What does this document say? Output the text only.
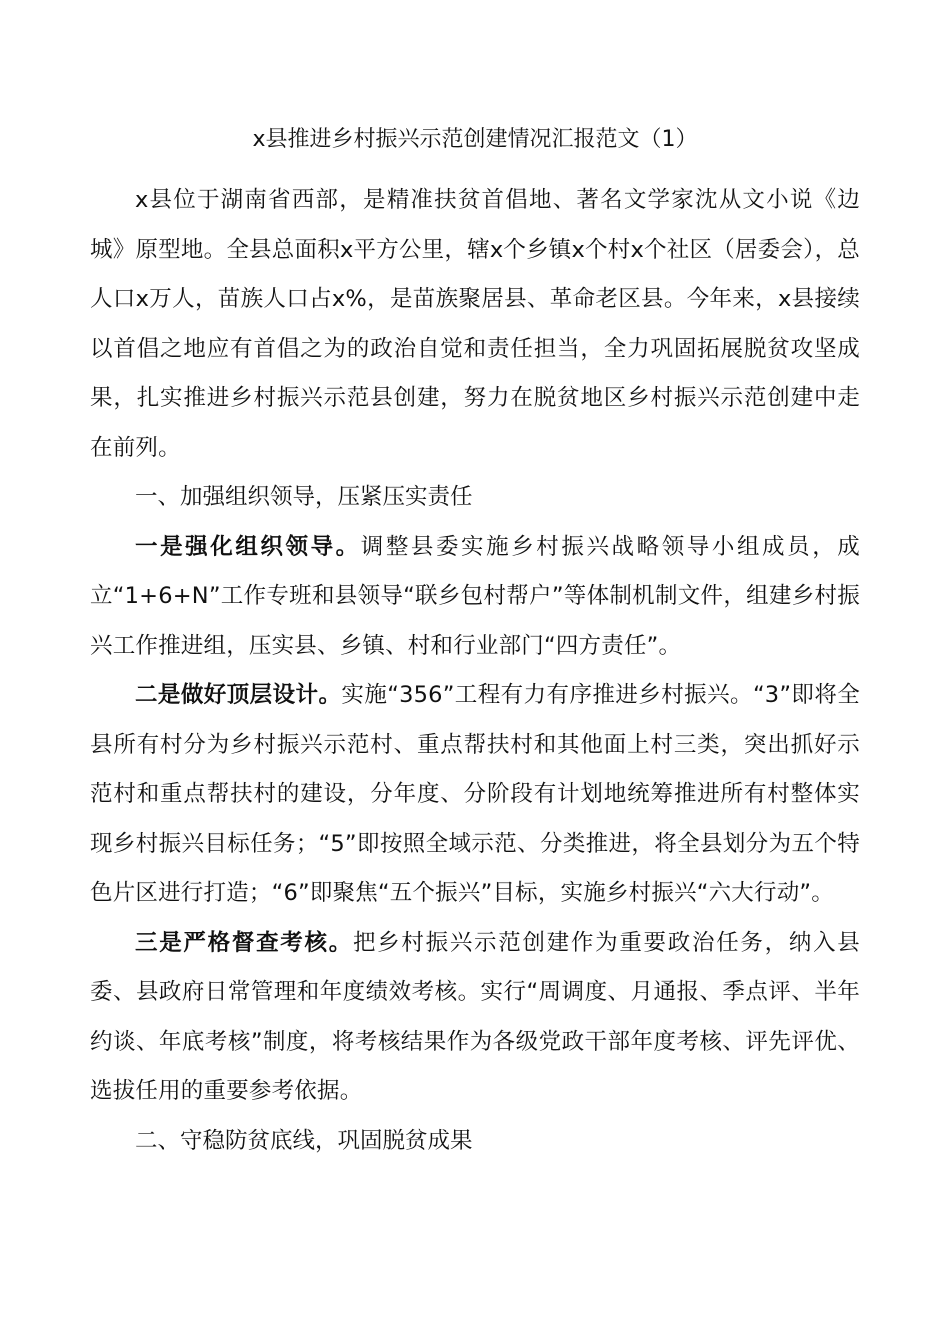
x县推进乡村振兴示范创建情况汇报范文（1）

x县位于湖南省西部，是精准扶贫首倡地、著名文学家沈从文小说《边城》原型地。全县总面积x平方公里，辖x个乡镇x个村x个社区（居委会），总人口x万人，苗族人口占x%，是苗族聚居县、革命老区县。今年来，x县接续以首倡之地应有首倡之为的政治自觉和责任担当，全力巩固拓展脱贫攻坚成果，扎实推进乡村振兴示范县创建，努力在脱贫地区乡村振兴示范创建中走在前列。

一、加强组织领导，压紧压实责任

一是强化组织领导。调整县委实施乡村振兴战略领导小组成员，成立“1+6+N”工作专班和县领导“联乡包村帮户”等体制机制文件，组建乡村振兴工作推进组，压实县、乡镇、村和行业部门“四方责任”。

二是做好顶层设计。实施“356”工程有力有序推进乡村振兴。“3”即将全县所有村分为乡村振兴示范村、重点帮扶村和其他面上村三类，突出抓好示范村和重点帮扶村的建设，分年度、分阶段有计划地统筹推进所有村整体实现乡村振兴目标任务；“5”即按照全域示范、分类推进，将全县划分为五个特色片区进行打造；“6”即聚焦“五个振兴”目标，实施乡村振兴“六大行动”。

三是严格督查考核。把乡村振兴示范创建作为重要政治任务，纳入县委、县政府日常管理和年度绩效考核。实行“周调度、月通报、季点评、半年约谈、年底考核”制度，将考核结果作为各级党政干部年度考核、评先评优、选拔任用的重要参考依据。

二、守稳防贫底线，巩固脱贫成果
